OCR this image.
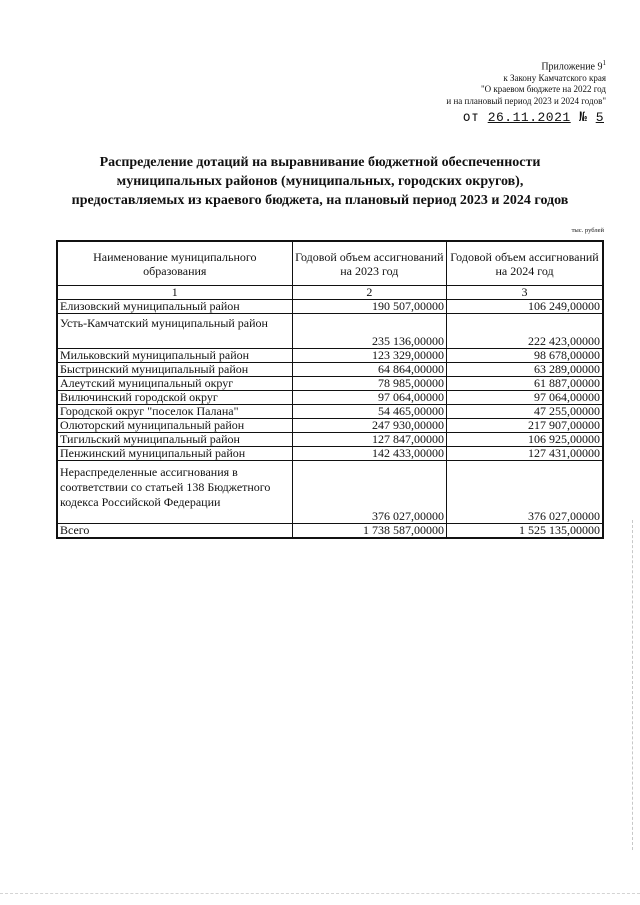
Приложение $9^1$
к Закону Камчатского края
"О краевом бюджете на 2022 год
и на плановый период 2023 и 2024 годов"
от 26.11.2021 № 5
Распределение дотаций на выравнивание бюджетной обеспеченности муниципальных районов (муниципальных, городских округов), предоставляемых из краевого бюджета, на плановый период 2023 и 2024 годов
тыс. рублей
Наименование муниципального образования	Годовой объем ассигнований на 2023 год	Годовой объем ассигнований на 2024 год
1	2	3
Елизовский муниципальный район	190 507,00000	106 249,00000
Усть-Камчатский муниципальный район	235 136,00000	222 423,00000
Мильковский муниципальный район	123 329,00000	98 678,00000
Быстринский муниципальный район	64 864,00000	63 289,00000
Алеутский муниципальный округ	78 985,00000	61 887,00000
Вилючинский городской округ	97 064,00000	97 064,00000
Городской округ "поселок Палана"	54 465,00000	47 255,00000
Олюторский муниципальный район	247 930,00000	217 907,00000
Тигильский муниципальный район	127 847,00000	106 925,00000
Пенжинский муниципальный район	142 433,00000	127 431,00000
Нераспределенные ассигнования в соответствии со статьей 138 Бюджетного кодекса Российской Федерации	376 027,00000	376 027,00000
Всего	1 738 587,00000	1 525 135,00000
